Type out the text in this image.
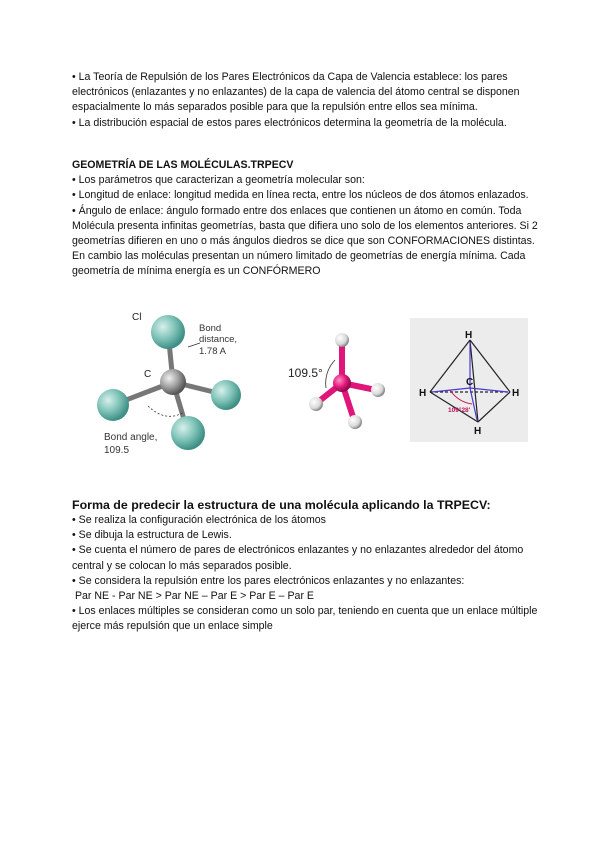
• La Teoría de Repulsión de los Pares Electrónicos da Capa de Valencia establece: los pares electrónicos (enlazantes y no enlazantes) de la capa de valencia del átomo central se disponen espacialmente lo más separados posible para que la repulsión entre ellos sea mínima.

• La distribución espacial de estos pares electrónicos determina la geometría de la molécula.

GEOMETRÍA DE LAS MOLÉCULAS.TRPECV

• Los parámetros que caracterizan a geometría molecular son:

• Longitud de enlace: longitud medida en línea recta, entre los núcleos de dos átomos enlazados.

• Ángulo de enlace: ángulo formado entre dos enlaces que contienen un átomo en común. Toda Molécula presenta infinitas geometrías, basta que difiera uno solo de los elementos anteriores. Si 2 geometrías difieren en uno o más ángulos diedros se dice que son CONFORMACIONES distintas. En cambio las moléculas presentan un número limitado de geometrías de energía mínima. Cada geometría de mínima energía es un CONFÓRMERO

Cl
C
Bond
distance,
1.78 A
Bond angle,
109.5
109.5°
H
H	H
H
C
109°28'

Forma de predecir la estructura de una molécula aplicando la TRPECV:

• Se realiza la configuración electrónica de los átomos

• Se dibuja la estructura de Lewis.

• Se cuenta el número de pares de electrónicos enlazantes y no enlazantes alrededor del átomo central y se colocan lo más separados posible.

• Se considera la repulsión entre los pares electrónicos enlazantes y no enlazantes:

Par NE - Par NE > Par NE – Par E > Par E – Par E

• Los enlaces múltiples se consideran como un solo par, teniendo en cuenta que un enlace múltiple ejerce más repulsión que un enlace simple
